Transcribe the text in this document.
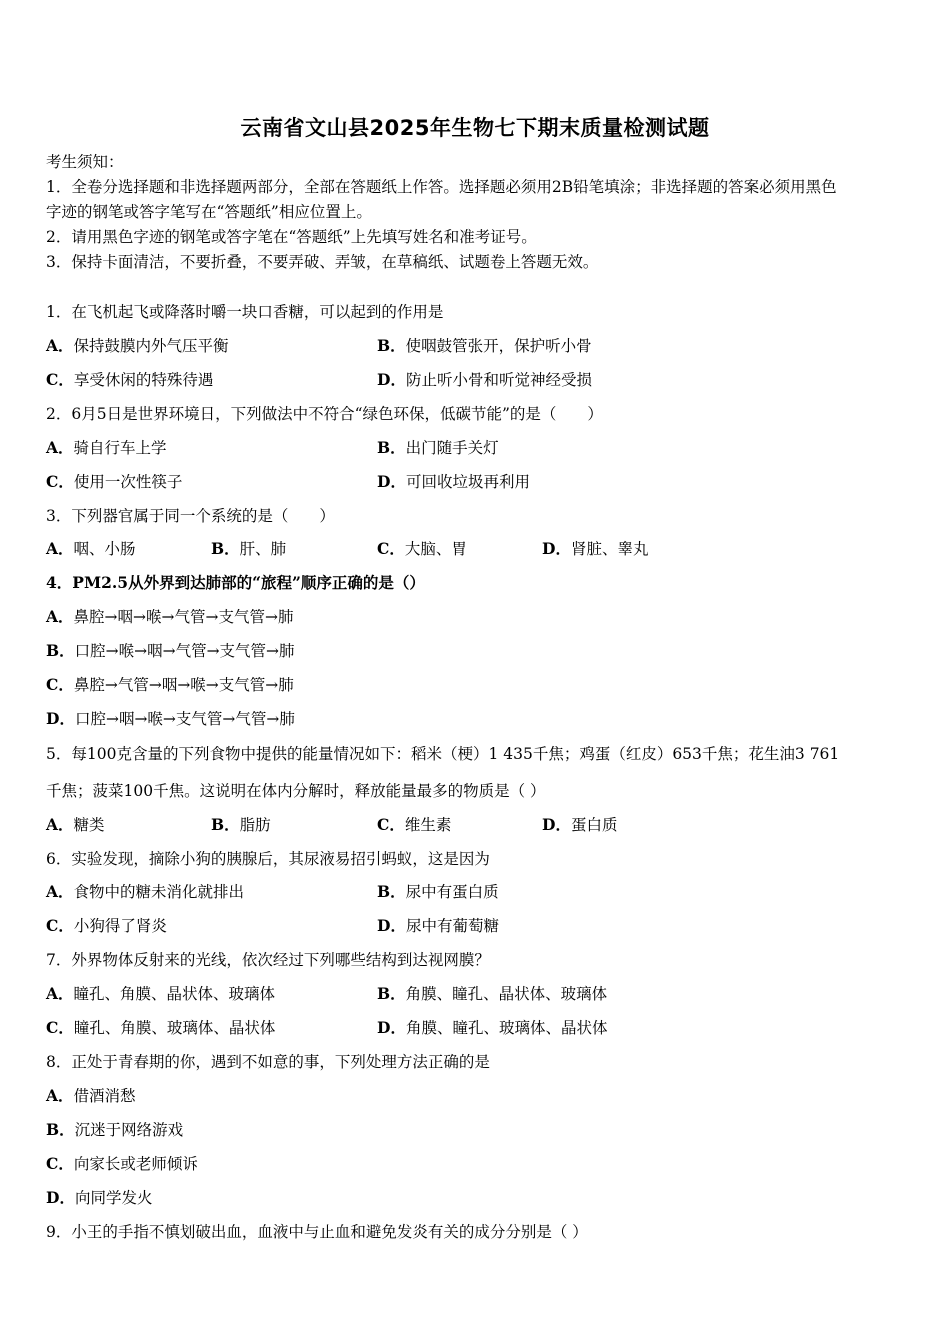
云南省文山县2025年生物七下期末质量检测试题
考生须知：
1．全卷分选择题和非选择题两部分，全部在答题纸上作答。选择题必须用2B铅笔填涂；非选择题的答案必须用黑色
字迹的钢笔或答字笔写在“答题纸”相应位置上。
2．请用黑色字迹的钢笔或答字笔在“答题纸”上先填写姓名和准考证号。
3．保持卡面清洁，不要折叠，不要弄破、弄皱，在草稿纸、试题卷上答题无效。
1．在飞机起飞或降落时嚼一块口香糖，可以起到的作用是
A．保持鼓膜内外气压平衡	B．使咽鼓管张开，保护听小骨
C．享受休闲的特殊待遇	D．防止听小骨和听觉神经受损
2．6月5日是世界环境日，下列做法中不符合“绿色环保，低碳节能”的是（　　）
A．骑自行车上学	B．出门随手关灯
C．使用一次性筷子	D．可回收垃圾再利用
3．下列器官属于同一个系统的是（　　）
A．咽、小肠	B．肝、肺	C．大脑、胃	D．肾脏、睾丸
4．PM2.5从外界到达肺部的“旅程”顺序正确的是（）
A．鼻腔→咽→喉→气管→支气管→肺
B．口腔→喉→咽→气管→支气管→肺
C．鼻腔→气管→咽→喉→支气管→肺
D．口腔→咽→喉→支气管→气管→肺
5．每100克含量的下列食物中提供的能量情况如下：稻米（梗）1 435千焦；鸡蛋（红皮）653千焦；花生油3 761
千焦；菠菜100千焦。这说明在体内分解时，释放能量最多的物质是（ ）
A．糖类	B．脂肪	C．维生素	D．蛋白质
6．实验发现，摘除小狗的胰腺后，其尿液易招引蚂蚁，这是因为
A．食物中的糖未消化就排出	B．尿中有蛋白质
C．小狗得了肾炎	D．尿中有葡萄糖
7．外界物体反射来的光线，依次经过下列哪些结构到达视网膜？
A．瞳孔、角膜、晶状体、玻璃体	B．角膜、瞳孔、晶状体、玻璃体
C．瞳孔、角膜、玻璃体、晶状体	D．角膜、瞳孔、玻璃体、晶状体
8．正处于青春期的你，遇到不如意的事，下列处理方法正确的是
A．借酒消愁
B．沉迷于网络游戏
C．向家长或老师倾诉
D．向同学发火
9．小王的手指不慎划破出血，血液中与止血和避免发炎有关的成分分别是（ ）
